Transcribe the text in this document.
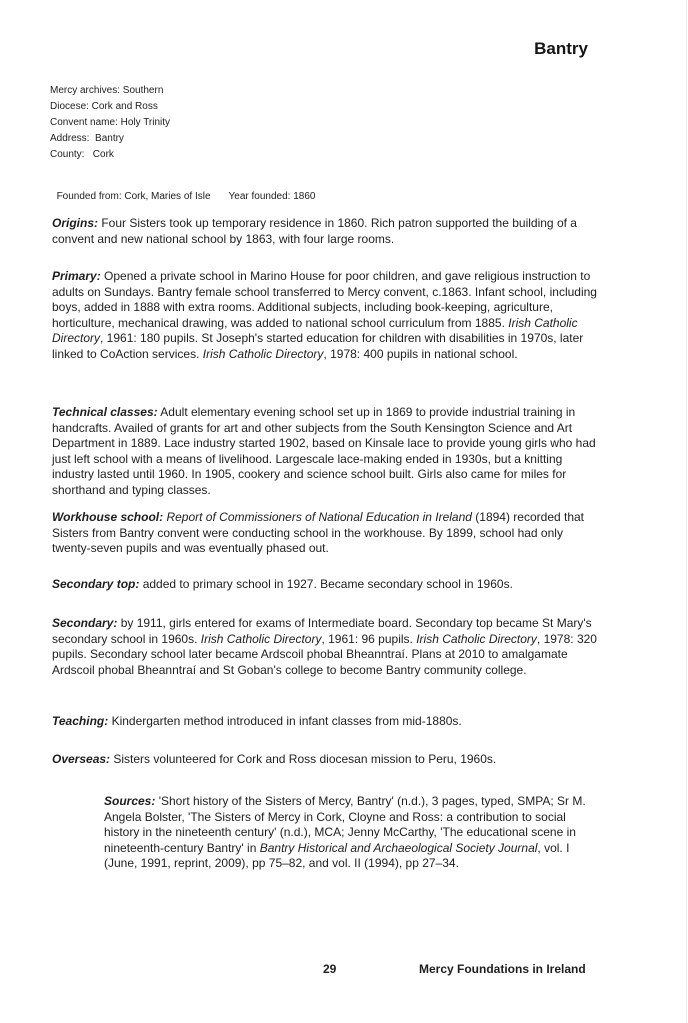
Bantry
Mercy archives: Southern
Diocese: Cork and Ross
Convent name: Holy Trinity
Address:  Bantry
County:   Cork

Founded from: Cork, Maries of Isle Year founded: 1860

Origins: Four Sisters took up temporary residence in 1860. Rich patron supported the building of a convent and new national school by 1863, with four large rooms.
Primary: Opened a private school in Marino House for poor children, and gave religious instruction to adults on Sundays. Bantry female school transferred to Mercy convent, c.1863. Infant school, including boys, added in 1888 with extra rooms. Additional subjects, including book-keeping, agriculture, horticulture, mechanical drawing, was added to national school curriculum from 1885. Irish Catholic Directory, 1961: 180 pupils. St Joseph's started education for children with disabilities in 1970s, later linked to CoAction services. Irish Catholic Directory, 1978: 400 pupils in national school.
Technical classes: Adult elementary evening school set up in 1869 to provide industrial training in handcrafts. Availed of grants for art and other subjects from the South Kensington Science and Art Department in 1889. Lace industry started 1902, based on Kinsale lace to provide young girls who had just left school with a means of livelihood. Largescale lace-making ended in 1930s, but a knitting industry lasted until 1960. In 1905, cookery and science school built. Girls also came for miles for shorthand and typing classes.
Workhouse school: Report of Commissioners of National Education in Ireland (1894) recorded that Sisters from Bantry convent were conducting school in the workhouse. By 1899, school had only twenty-seven pupils and was eventually phased out.
Secondary top: added to primary school in 1927. Became secondary school in 1960s.
Secondary: by 1911, girls entered for exams of Intermediate board. Secondary top became St Mary's secondary school in 1960s. Irish Catholic Directory, 1961: 96 pupils. Irish Catholic Directory, 1978: 320 pupils. Secondary school later became Ardscoil phobal Bheanntraí. Plans at 2010 to amalgamate Ardscoil phobal Bheanntraí and St Goban's college to become Bantry community college.
Teaching: Kindergarten method introduced in infant classes from mid-1880s.
Overseas: Sisters volunteered for Cork and Ross diocesan mission to Peru, 1960s.
Sources: 'Short history of the Sisters of Mercy, Bantry' (n.d.), 3 pages, typed, SMPA; Sr M. Angela Bolster, 'The Sisters of Mercy in Cork, Cloyne and Ross: a contribution to social history in the nineteenth century' (n.d.), MCA; Jenny McCarthy, 'The educational scene in nineteenth-century Bantry' in Bantry Historical and Archaeological Society Journal, vol. I (June, 1991, reprint, 2009), pp 75–82, and vol. II (1994), pp 27–34.
29	Mercy Foundations in Ireland
